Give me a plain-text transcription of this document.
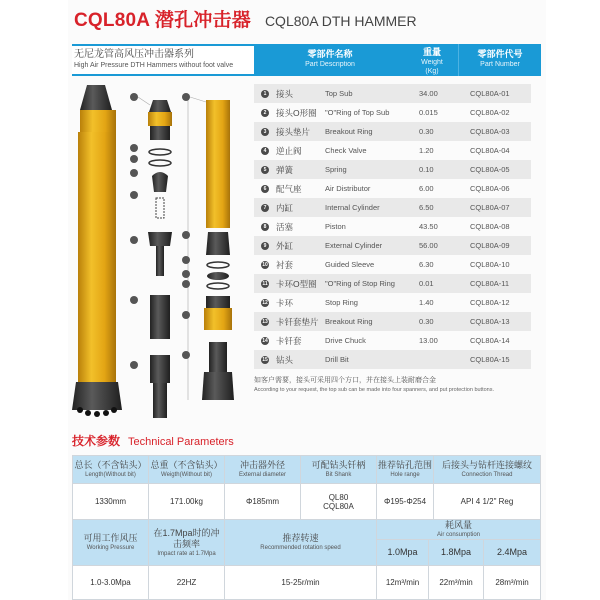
CQL80A 潜孔冲击器 CQL80A DTH HAMMER
无尼龙管高风压冲击器系列
High Air Pressure DTH Hammers without foot valve
零部件名称
Part Description
重量
Weight
(Kg)
零部件代号
Part Number
1	接头	Top Sub	34.00	CQL80A-01
2	接头O形圈	"O"Ring of Top Sub	0.015	CQL80A-02
3	接头垫片	Breakout Ring	0.30	CQL80A-03
4	逆止阀	Check Valve	1.20	CQL80A-04
5	弹簧	Spring	0.10	CQL80A-05
6	配气座	Air Distributor	6.00	CQL80A-06
7	内缸	Internal Cylinder	6.50	CQL80A-07
8	活塞	Piston	43.50	CQL80A-08
9	外缸	External Cylinder	56.00	CQL80A-09
10 衬套	Guided Sleeve	6.30	CQL80A-10
11 卡环O型圈	"O"Ring of Stop Ring	0.01	CQL80A-11
12 卡环	Stop Ring	1.40	CQL80A-12
13 卡钎套垫片 Breakout Ring	0.30	CQL80A-13
14 卡钎套	Drive Chuck	13.00	CQL80A-14
15 钻头	Drill Bit	CQL80A-15
如客户需要，接头可采用四个方口，并在接头上装耐磨合金
According to your request, the top sub can be made into four spanners, and put protection buttons.
技术参数 Technical Parameters
总长（不含钻头）
Length(Without bit)

总重（不含钻头）
Weigth(Without bit)

冲击器外径
External diameter

可配钻头钎柄
Bit Shank

推荐钻孔范围
Hole range

后接头与钻杆连接螺纹
Connection Thread

1330mm	171.00kg	Φ185mm	QL80
CQL80A	Φ195-Φ254	API 4 1/2" Reg
可用工作风压
Working Pressure

在1.7Mpa时的冲击频率
Impact rate at 1.7Mpa

推荐转速
Recommended rotation speed

耗风量
Air consumption

			1.0Mpa	1.8Mpa	2.4Mpa
1.0-3.0Mpa	22HZ	15-25r/min	12m³/min	22m³/min	28m³/min
